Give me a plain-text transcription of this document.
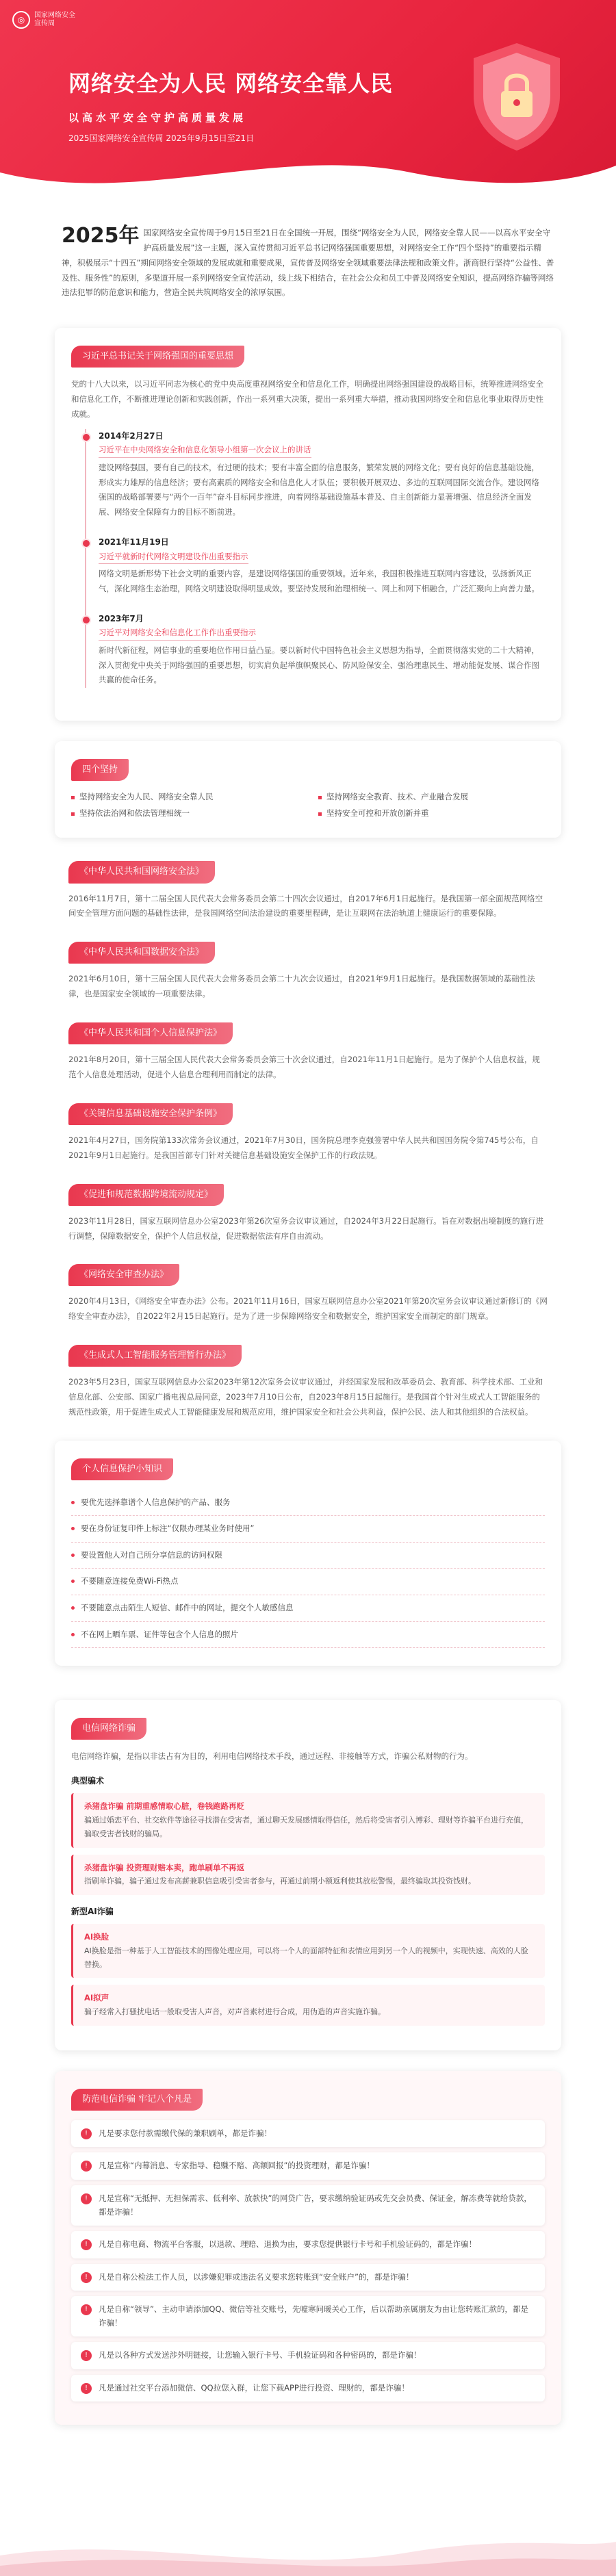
◎	国家网络安全
宣传周
网络安全为人民 网络安全靠人民
以高水平安全守护高质量发展
2025国家网络安全宣传周 2025年9月15日至21日

2025年 国家网络安全宣传周于9月15日至21日在全国统一开展，围绕“网络安全为人民，网络安全靠人民——以高水平安全守护高质量发展”这一主题，深入宣传贯彻习近平总书记网络强国重要思想，对网络安全工作“四个坚持”的重要指示精神，积极展示“十四五”期间网络安全领域的发展成就和重要成果，宣传普及网络安全领域重要法律法规和政策文件。浙商银行坚持“公益性、普及性、服务性”的原则，多渠道开展一系列网络安全宣传活动，线上线下相结合，在社会公众和员工中普及网络安全知识，提高网络诈骗等网络违法犯罪的防范意识和能力，营造全民共筑网络安全的浓厚氛围。

习近平总书记关于网络强国的重要思想

党的十八大以来，以习近平同志为核心的党中央高度重视网络安全和信息化工作，明确提出网络强国建设的战略目标，统筹推进网络安全和信息化工作，不断推进理论创新和实践创新，作出一系列重大决策，提出一系列重大举措，推动我国网络安全和信息化事业取得历史性成就。

2014年2月27日
习近平在中央网络安全和信息化领导小组第一次会议上的讲话

建设网络强国，要有自己的技术，有过硬的技术；要有丰富全面的信息服务，繁荣发展的网络文化；要有良好的信息基础设施，形成实力雄厚的信息经济；要有高素质的网络安全和信息化人才队伍；要积极开展双边、多边的互联网国际交流合作。建设网络强国的战略部署要与“两个一百年”奋斗目标同步推进，向着网络基础设施基本普及、自主创新能力显著增强、信息经济全面发展、网络安全保障有力的目标不断前进。

2021年11月19日
习近平就新时代网络文明建设作出重要指示

网络文明是新形势下社会文明的重要内容，是建设网络强国的重要领域。近年来，我国积极推进互联网内容建设，弘扬新风正气，深化网络生态治理，网络文明建设取得明显成效。要坚持发展和治理相统一、网上和网下相融合，广泛汇聚向上向善力量。

2023年7月
习近平对网络安全和信息化工作作出重要指示

新时代新征程，网信事业的重要地位作用日益凸显。要以新时代中国特色社会主义思想为指导，全面贯彻落实党的二十大精神，深入贯彻党中央关于网络强国的重要思想，切实肩负起举旗帜聚民心、防风险保安全、强治理惠民生、增动能促发展、谋合作图共赢的使命任务。

四个坚持
坚持网络安全为人民、网络安全靠人民	坚持网络安全教育、技术、产业融合发展
坚持依法治网和依法管理相统一	坚持安全可控和开放创新并重
《中华人民共和国网络安全法》

2016年11月7日，第十二届全国人民代表大会常务委员会第二十四次会议通过，自2017年6月1日起施行。是我国第一部全面规范网络空间安全管理方面问题的基础性法律，是我国网络空间法治建设的重要里程碑，是让互联网在法治轨道上健康运行的重要保障。

《中华人民共和国数据安全法》

2021年6月10日，第十三届全国人民代表大会常务委员会第二十九次会议通过，自2021年9月1日起施行。是我国数据领域的基础性法律，也是国家安全领域的一项重要法律。

《中华人民共和国个人信息保护法》

2021年8月20日，第十三届全国人民代表大会常务委员会第三十次会议通过，自2021年11月1日起施行。是为了保护个人信息权益，规范个人信息处理活动，促进个人信息合理利用而制定的法律。

《关键信息基础设施安全保护条例》

2021年4月27日，国务院第133次常务会议通过，2021年7月30日，国务院总理李克强签署中华人民共和国国务院令第745号公布，自2021年9月1日起施行。是我国首部专门针对关键信息基础设施安全保护工作的行政法规。

《促进和规范数据跨境流动规定》

2023年11月28日，国家互联网信息办公室2023年第26次室务会议审议通过，自2024年3月22日起施行。旨在对数据出境制度的施行进行调整，保障数据安全，保护个人信息权益，促进数据依法有序自由流动。

《网络安全审查办法》

2020年4月13日，《网络安全审查办法》公布。2021年11月16日，国家互联网信息办公室2021年第20次室务会议审议通过新修订的《网络安全审查办法》，自2022年2月15日起施行。是为了进一步保障网络安全和数据安全，维护国家安全而制定的部门规章。

《生成式人工智能服务管理暂行办法》

2023年5月23日，国家互联网信息办公室2023年第12次室务会议审议通过，并经国家发展和改革委员会、教育部、科学技术部、工业和信息化部、公安部、国家广播电视总局同意，2023年7月10日公布，自2023年8月15日起施行。是我国首个针对生成式人工智能服务的规范性政策，用于促进生成式人工智能健康发展和规范应用，维护国家安全和社会公共利益，保护公民、法人和其他组织的合法权益。

个人信息保护小知识
要优先选择靠谱个人信息保护的产品、服务
要在身份证复印件上标注“仅限办理某业务时使用”
要设置他人对自己所分享信息的访问权限
不要随意连接免费Wi-Fi热点
不要随意点击陌生人短信、邮件中的网址，提交个人敏感信息
不在网上晒车票、证件等包含个人信息的照片
电信网络诈骗

电信网络诈骗，是指以非法占有为目的，利用电信网络技术手段，通过远程、非接触等方式，诈骗公私财物的行为。

典型骗术
杀猪盘诈骗 前期重感情取心脏，卷钱跑路再贬
骗通过婚恋平台、社交软件等途径寻找潜在受害者，通过聊天发展感情取得信任，然后将受害者引入博彩、理财等诈骗平台进行充值，骗取受害者钱财的骗局。
杀猪盘诈骗 投资理财赔本卖，跑单刷单不再返
指刷单诈骗，骗子通过发布高薪兼职信息吸引受害者参与，再通过前期小额返利使其放松警惕，最终骗取其投资钱财。
新型AI诈骗
AI换脸
AI换脸是指一种基于人工智能技术的图像处理应用，可以将一个人的面部特征和表情应用到另一个人的视频中，实现快速、高效的人脸替换。
AI拟声
骗子经常入打骚扰电话一般取受害人声音，对声音素材进行合成，用伪造的声音实施诈骗。
防范电信诈骗 牢记八个凡是
!	凡是要求您付款需缴代保的兼职刷单，都是诈骗！
!	凡是宣称“内幕消息、专家指导、稳赚不赔、高额回报”的投资理财，都是诈骗！
!	凡是宣称“无抵押、无担保需求、低利率、放款快”的网贷广告，要求缴纳验证码或先交会员费、保证金，解冻费等就给贷款，都是诈骗！
!	凡是自称电商、物流平台客服，以退款、理赔、退换为由，要求您提供银行卡号和手机验证码的，都是诈骗！
!	凡是自称公检法工作人员，以涉嫌犯罪或违法名义要求您转账到“安全账户”的，都是诈骗！
!	凡是自称“领导”、主动申请添加QQ、微信等社交账号，先嘘寒问暖关心工作，后以帮助亲属朋友为由让您转账汇款的，都是诈骗！
!	凡是以各种方式发送涉外明链接，让您输入银行卡号、手机验证码和各种密码的，都是诈骗！
!	凡是通过社交平台添加微信、QQ拉您入群，让您下载APP进行投资、理财的，都是诈骗！
